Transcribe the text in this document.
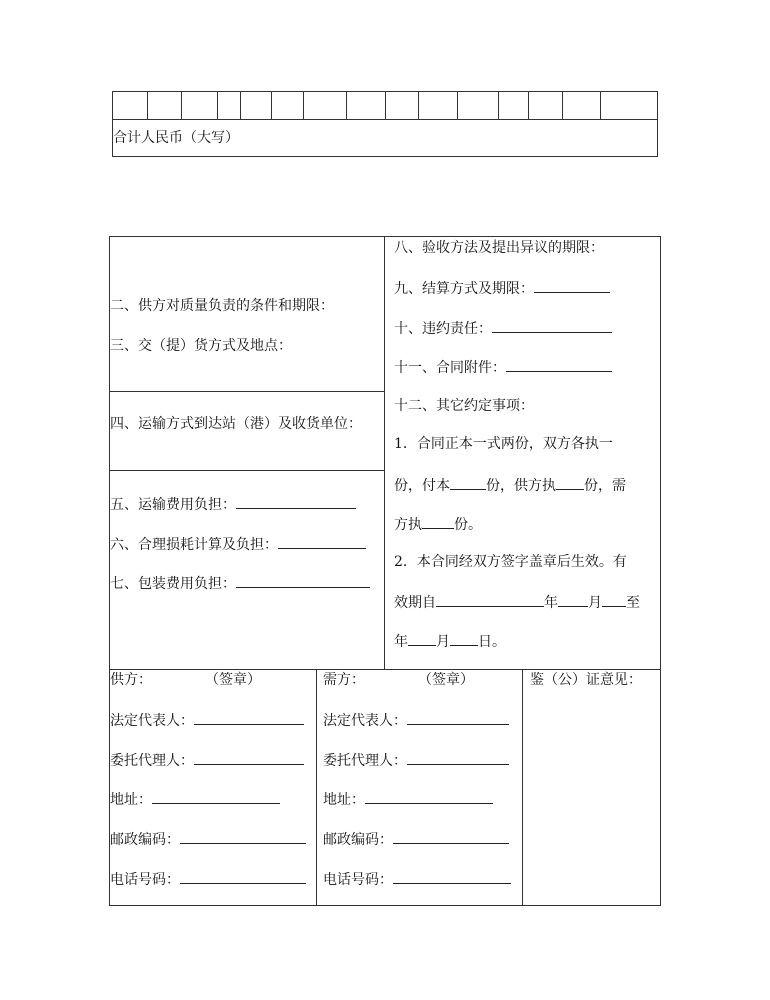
合计人民币（大写）
二、供方对质量负责的条件和期限：
三、交（提）货方式及地点：
四、运输方式到达站（港）及收货单位：
五、运输费用负担：
六、合理损耗计算及负担：
七、包装费用负担：
八、验收方法及提出异议的期限：
九、结算方式及期限：
十、违约责任：
十一、合同附件：
十二、其它约定事项：
1．合同正本一式两份，双方各执一
份，付本	份，供方执 份，需
方执 份。
2．本合同经双方签字盖章后生效。有
效期自	年 月 至
年 月 日。
供方：	（签章）
法定代表人：
委托代理人：
地址：
邮政编码：
电话号码：
需方：	（签章）
法定代表人：
委托代理人：
地址：
邮政编码：
电话号码：
鉴（公）证意见：
